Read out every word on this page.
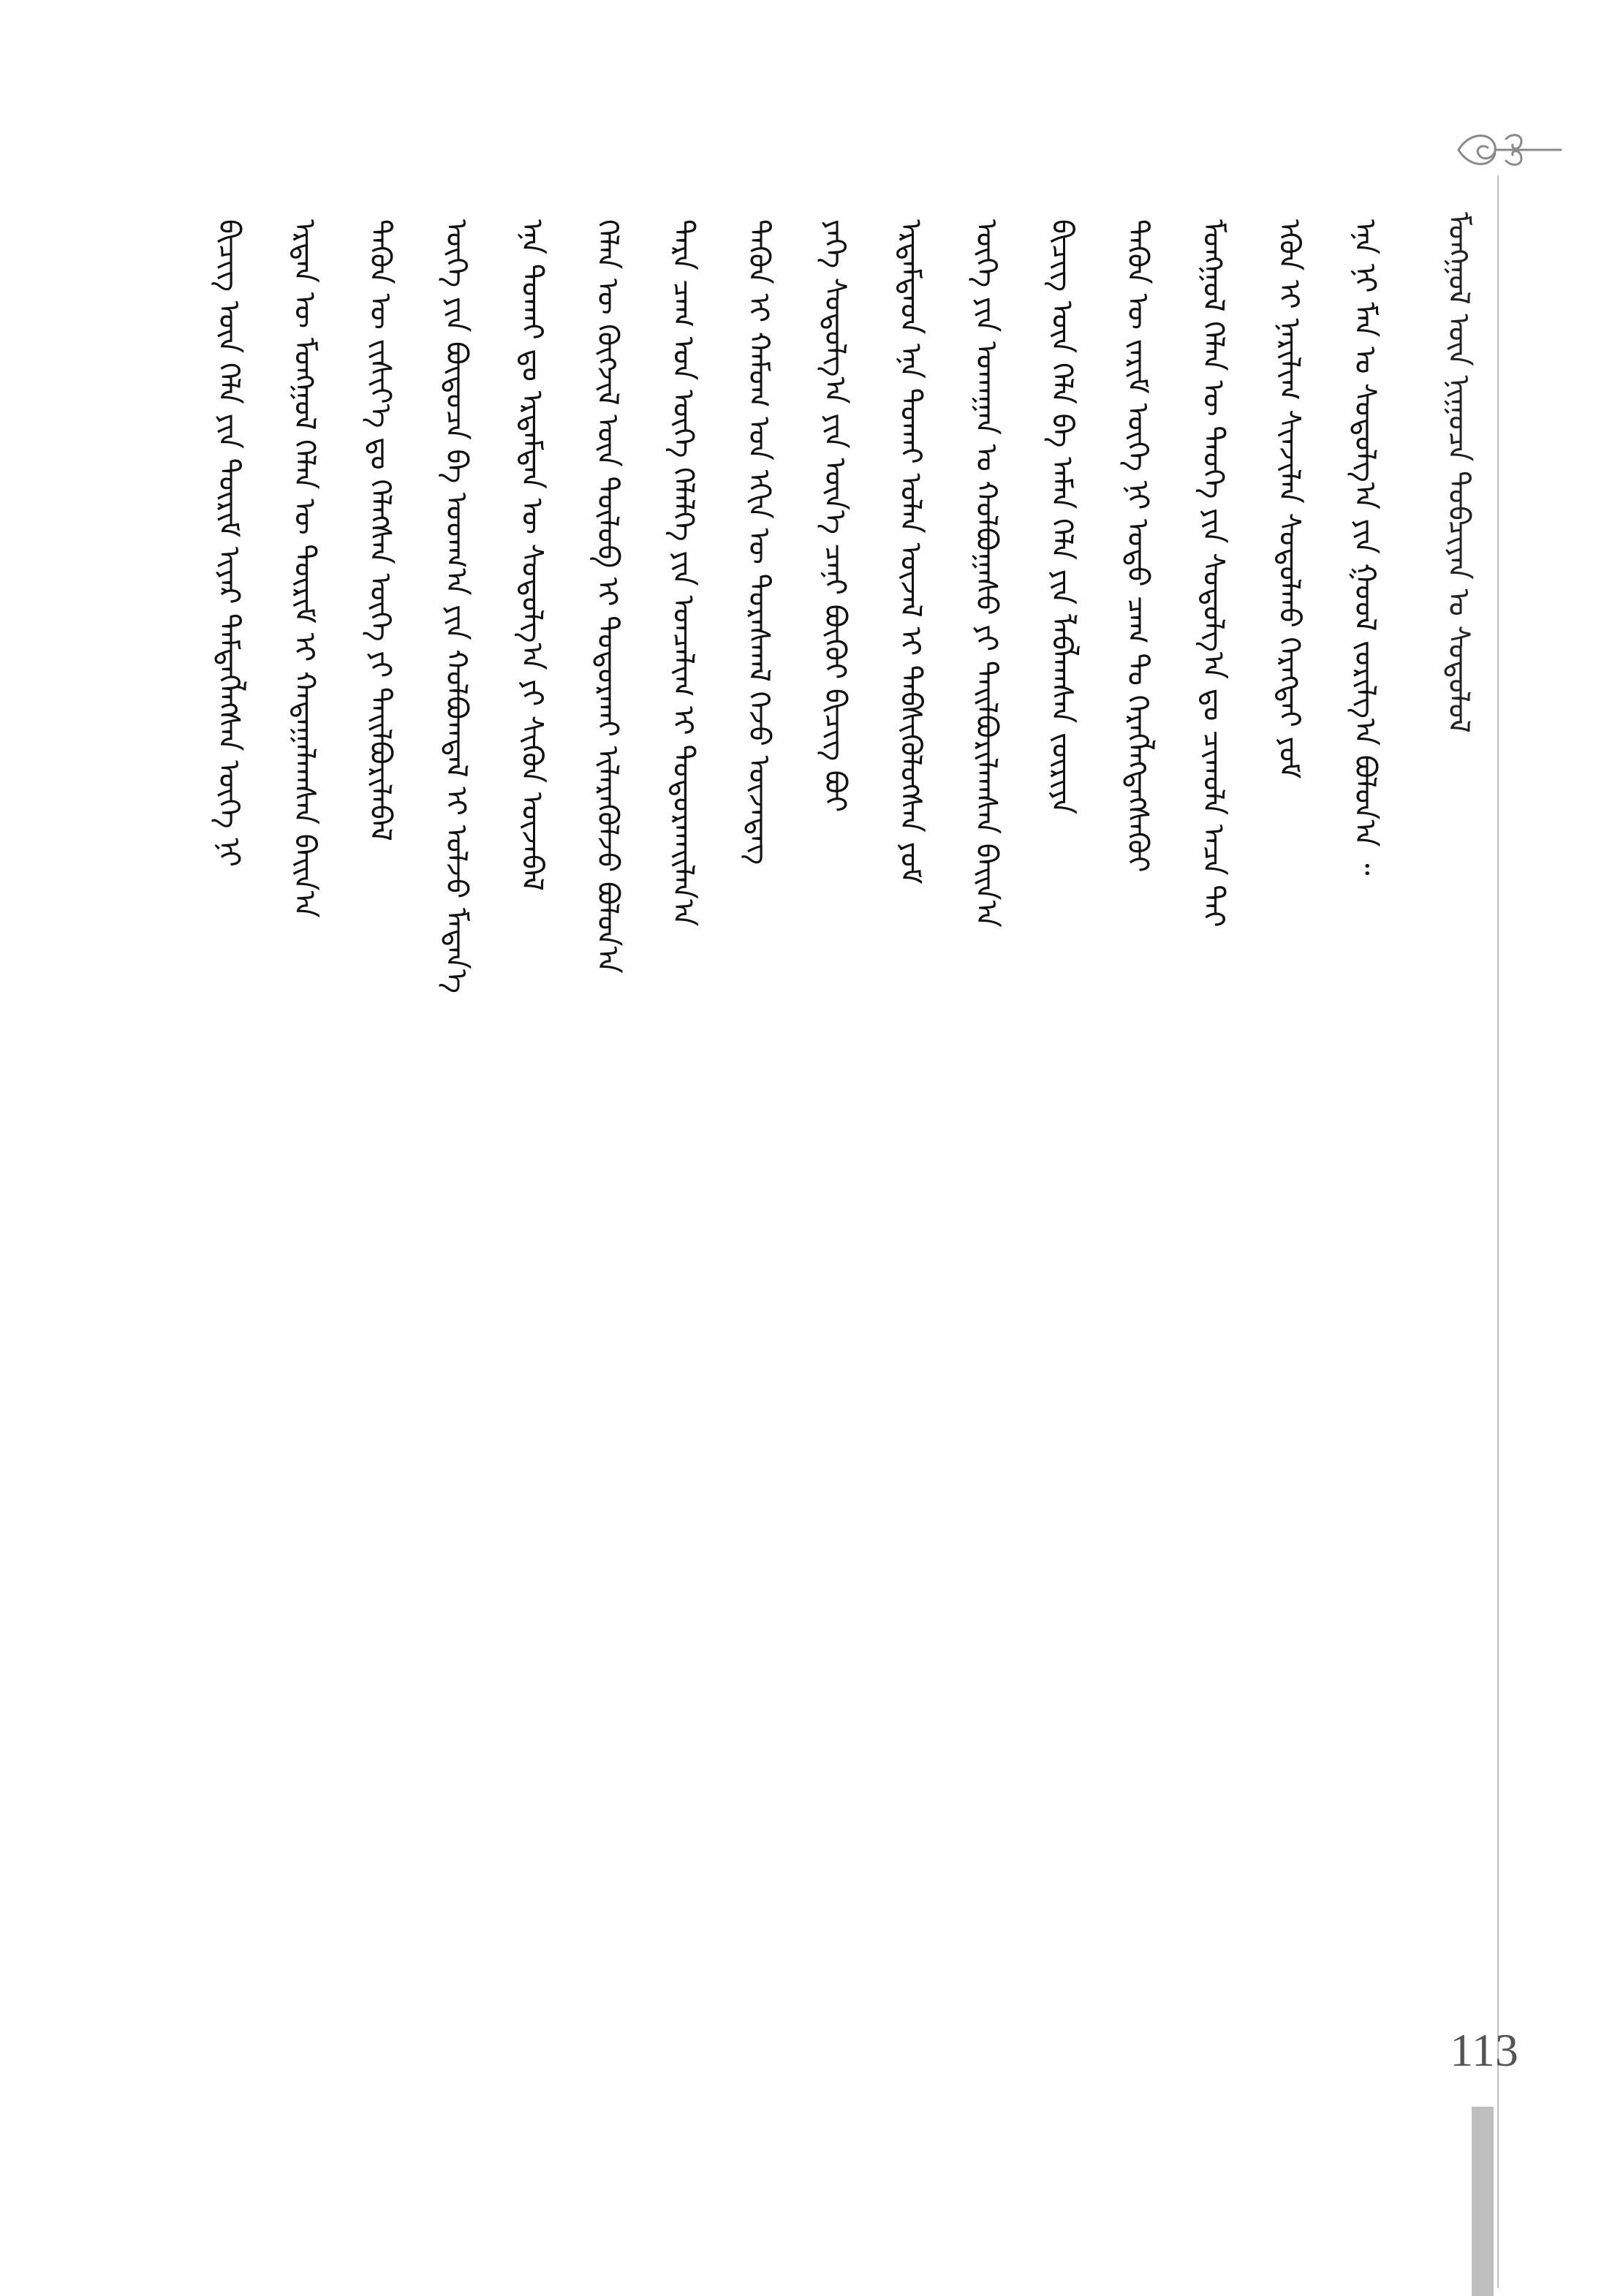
ᠮᠣᠩᠭᠣᠯ ᠦᠨ ᠨᠢᠭᠤᠴᠠ ᠲᠣᠪᠴᠢᠶᠠᠨ ᠤ ᠰᠣᠳᠤᠯᠤᠯ
ᠪᠢᠴᠢᠭ᠌ ᠦᠨ ᠬᠡᠯᠡ ᠶᠢᠨ ᠳᠦᠷᠢᠮ ᠢᠶᠡᠷ ᠲᠡᠮᠳᠡᠭᠯᠡᠭᠰᠡᠨ ᠦᠭᠡ ᠨᠢ	ᠡᠷᠲᠡᠨ ᠦ ᠮᠣᠩᠭᠣᠯ ᠬᠡᠯᠡᠨ ᠦ ᠳᠦᠷᠢᠮ ᠢ ᠬᠠᠳᠠᠭᠠᠯᠠᠭᠰᠠᠨ ᠪᠠᠢᠨ᠎ᠠ	ᠲᠡᠭᠦᠨ ᠦ ᠵᠢᠱᠢᠶ᠎ᠡ ᠳᠤ ᠬᠡᠯᠡᠭᠰᠡᠨ ᠦᠭᠡ ᠶᠢ ᠲᠠᠢᠯᠪᠤᠷᠢᠯᠠᠪᠠᠯ	ᠦᠭᠡ ᠶᠢᠨ ᠪᠦᠲᠦᠴᠡ ᠪᠠ ᠤᠳᠬ᠎ᠠ ᠶᠢᠨ ᠬᠣᠯᠪᠣᠭᠳᠠᠯ ᠢ ᠣᠯᠵᠤ ᠮᠡᠳᠡᠨ᠎ᠡ	ᠡᠨᠡ ᠲᠤᠬᠠᠢ ᠳᠤ ᠡᠷᠳᠡᠮᠲᠡᠨ ᠦ ᠰᠤᠳᠤᠯᠭ᠎ᠠ ᠶᠢ ᠰᠢᠭᠦᠨ ᠦᠵᠡᠪᠡᠯ	ᠬᠡᠯᠡᠨ ᠦ ᠬᠥᠭᠵᠢᠯ ᠦᠨ ᠲᠦᠯᠦᠪ ᠢ ᠲᠣᠳᠣᠷᠬᠠᠢ ᠢᠯᠡᠷᠡᠭᠦᠯᠵᠦ ᠪᠣᠯᠣᠨ᠎ᠠ	ᠲᠡᠷᠡ ᠴᠠᠭ ᠤᠨ ᠦᠭᠡ ᠬᠡᠯᠡᠯᠭᠡ ᠶᠢᠨ ᠣᠨᠴᠠᠯᠢᠭ ᠢ ᠲᠣᠳᠣᠷᠬᠠᠢᠯᠠᠨ᠎ᠠ	ᠲᠡᠭᠦᠨ ᠢ ᠬᠠᠮᠤᠭ ᠤᠨ ᠡᠬᠢᠨ ᠦ ᠳᠤᠷᠠᠰᠬᠠᠯ ᠭᠡᠵᠦ ᠦᠵᠡᠳᠡᠭ	ᠶᠡᠬᠡ ᠰᠤᠳᠤᠯᠭ᠎ᠠ ᠶᠢᠨ ᠦᠨ᠎ᠡ ᠴᠡᠨᠢ ᠪᠦᠬᠦᠢ ᠪᠢᠴᠢᠭ᠌ ᠪᠤᠢ	ᠡᠷᠳᠡᠮᠲᠡᠳ ᠡᠨᠡ ᠲᠤᠬᠠᠢ ᠣᠯᠠᠨ ᠦᠵᠡᠯ ᠢ ᠳᠡᠪᠰᠢᠭᠦᠯᠦᠭᠰᠡᠨ ᠶᠤᠮ	ᠦᠭᠡ ᠶᠢᠨ ᠤᠬᠠᠭᠠᠨ ᠤ ᠬᠣᠯᠪᠣᠭᠠᠰᠤ ᠶᠢ ᠲᠠᠢᠯᠪᠤᠷᠢᠯᠠᠭᠰᠠᠨ ᠪᠠᠢᠨ᠎ᠠ	ᠪᠢᠴᠢᠭ᠌ ᠦᠨ ᠬᠡᠯᠡ ᠪᠠ ᠠᠮᠠᠨ ᠬᠡᠯᠡ ᠶᠢᠨ ᠯᠠᠪᠯᠠᠭᠰᠠᠨ ᠵᠥᠷᠢᠶᠡ	ᠲᠡᠭᠦᠨ ᠦ ᠵᠠᠷᠢᠮ ᠦᠭᠡ ᠨᠢ ᠣᠳᠣ ᠴᠠᠭ ᠲᠤ ᠬᠡᠷᠡᠭᠯᠡᠭᠳᠡᠭᠰᠡᠭᠦᠢ	ᠮᠣᠩᠭᠣᠯ ᠬᠡᠯᠡᠨ ᠦ ᠲᠡᠦᠬᠡ ᠶᠢᠨ ᠰᠤᠳᠤᠯᠭ᠎ᠠ ᠳᠤ ᠴᠢᠬᠤᠯᠠ ᠠᠴᠠ ᠲᠠᠢ	ᠡᠭᠦᠨ ᠢ ᠨᠠᠷᠢᠯᠢᠭ ᠰᠢᠨᠵᠢᠯᠡᠨ ᠰᠤᠳᠤᠯᠬᠤ ᠬᠡᠷᠡᠭᠲᠡᠢ ᠶᠤᠮ	ᠡᠨᠡ ᠨᠢ ᠮᠠᠨ ᠤ ᠰᠤᠳᠤᠯᠭ᠎ᠠ ᠶᠢᠨ ᠭᠣᠣᠯ ᠵᠣᠷᠢᠯᠭ᠎ᠠ ᠪᠣᠯᠤᠨ᠎ᠠ ᠃
113
